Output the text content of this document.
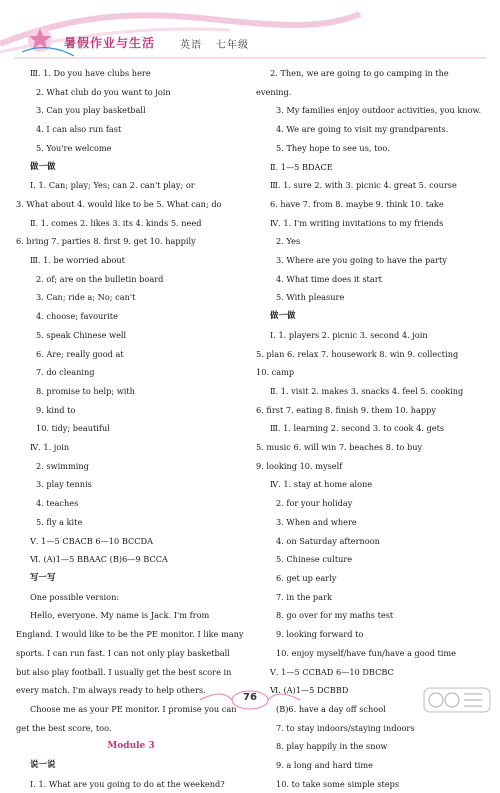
暑假作业与生活 英语 七年级
Ⅲ. 1. Do you have clubs here
2. What club do you want to join
3. Can you play basketball
4. I can also run fast
5. You're welcome
做一做
Ⅰ. 1. Can; play; Yes; can 2. can't play; or
3. What about 4. would like to be 5. What can; do
Ⅱ. 1. comes 2. likes 3. its 4. kinds 5. need
6. bring 7. parties 8. first 9. get 10. happily
Ⅲ. 1. be worried about
2. of; are on the bulletin board
3. Can; ride a; No; can't
4. choose; favourite
5. speak Chinese well
6. Are; really good at
7. do cleaning
8. promise to help; with
9. kind to
10. tidy; beautiful
Ⅳ. 1. join
2. swimming
3. play tennis
4. teaches
5. fly a kite
Ⅴ. 1—5 CBACB 6—10 BCCDA
Ⅵ. (A)1—5 BBAAC (B)6—9 BCCA
写一写
One possible version:
Hello, everyone. My name is Jack. I'm from England. I would like to be the PE monitor. I like many sports. I can run fast. I can not only play basketball but also play football. I usually get the best score in every match. I'm always ready to help others.
Choose me as your PE monitor. I promise you can get the best score, too.
Module 3
说一说
Ⅰ. 1. What are you going to do at the weekend?
2. Then, we are going to go camping in the evening.
3. My families enjoy outdoor activities, you know.
4. We are going to visit my grandparents.
5. They hope to see us, too.
Ⅱ. 1—5 BDACE
Ⅲ. 1. sure 2. with 3. picnic 4. great 5. course
6. have 7. from 8. maybe 9. think 10. take
Ⅳ. 1. I'm writing invitations to my friends
2. Yes
3. Where are you going to have the party
4. What time does it start
5. With pleasure
做一做
Ⅰ. 1. players 2. picnic 3. second 4. join
5. plan 6. relax 7. housework 8. win 9. collecting
10. camp
Ⅱ. 1. visit 2. makes 3. snacks 4. feel 5. cooking
6. first 7. eating 8. finish 9. them 10. happy
Ⅲ. 1. learning 2. second 3. to cook 4. gets
5. music 6. will win 7. beaches 8. to buy
9. looking 10. myself
Ⅳ. 1. stay at home alone
2. for your holiday
3. When and where
4. on Saturday afternoon
5. Chinese culture
6. get up early
7. in the park
8. go over for my maths test
9. looking forward to
10. enjoy myself/have fun/have a good time
Ⅴ. 1—5 CCBAD 6—10 DBCBC
Ⅵ. (A)1—5 DCBBD
(B)6. have a day off school
7. to stay indoors/staying indoors
8. play happily in the snow
9. a long and hard time
10. to take some simple steps
76
